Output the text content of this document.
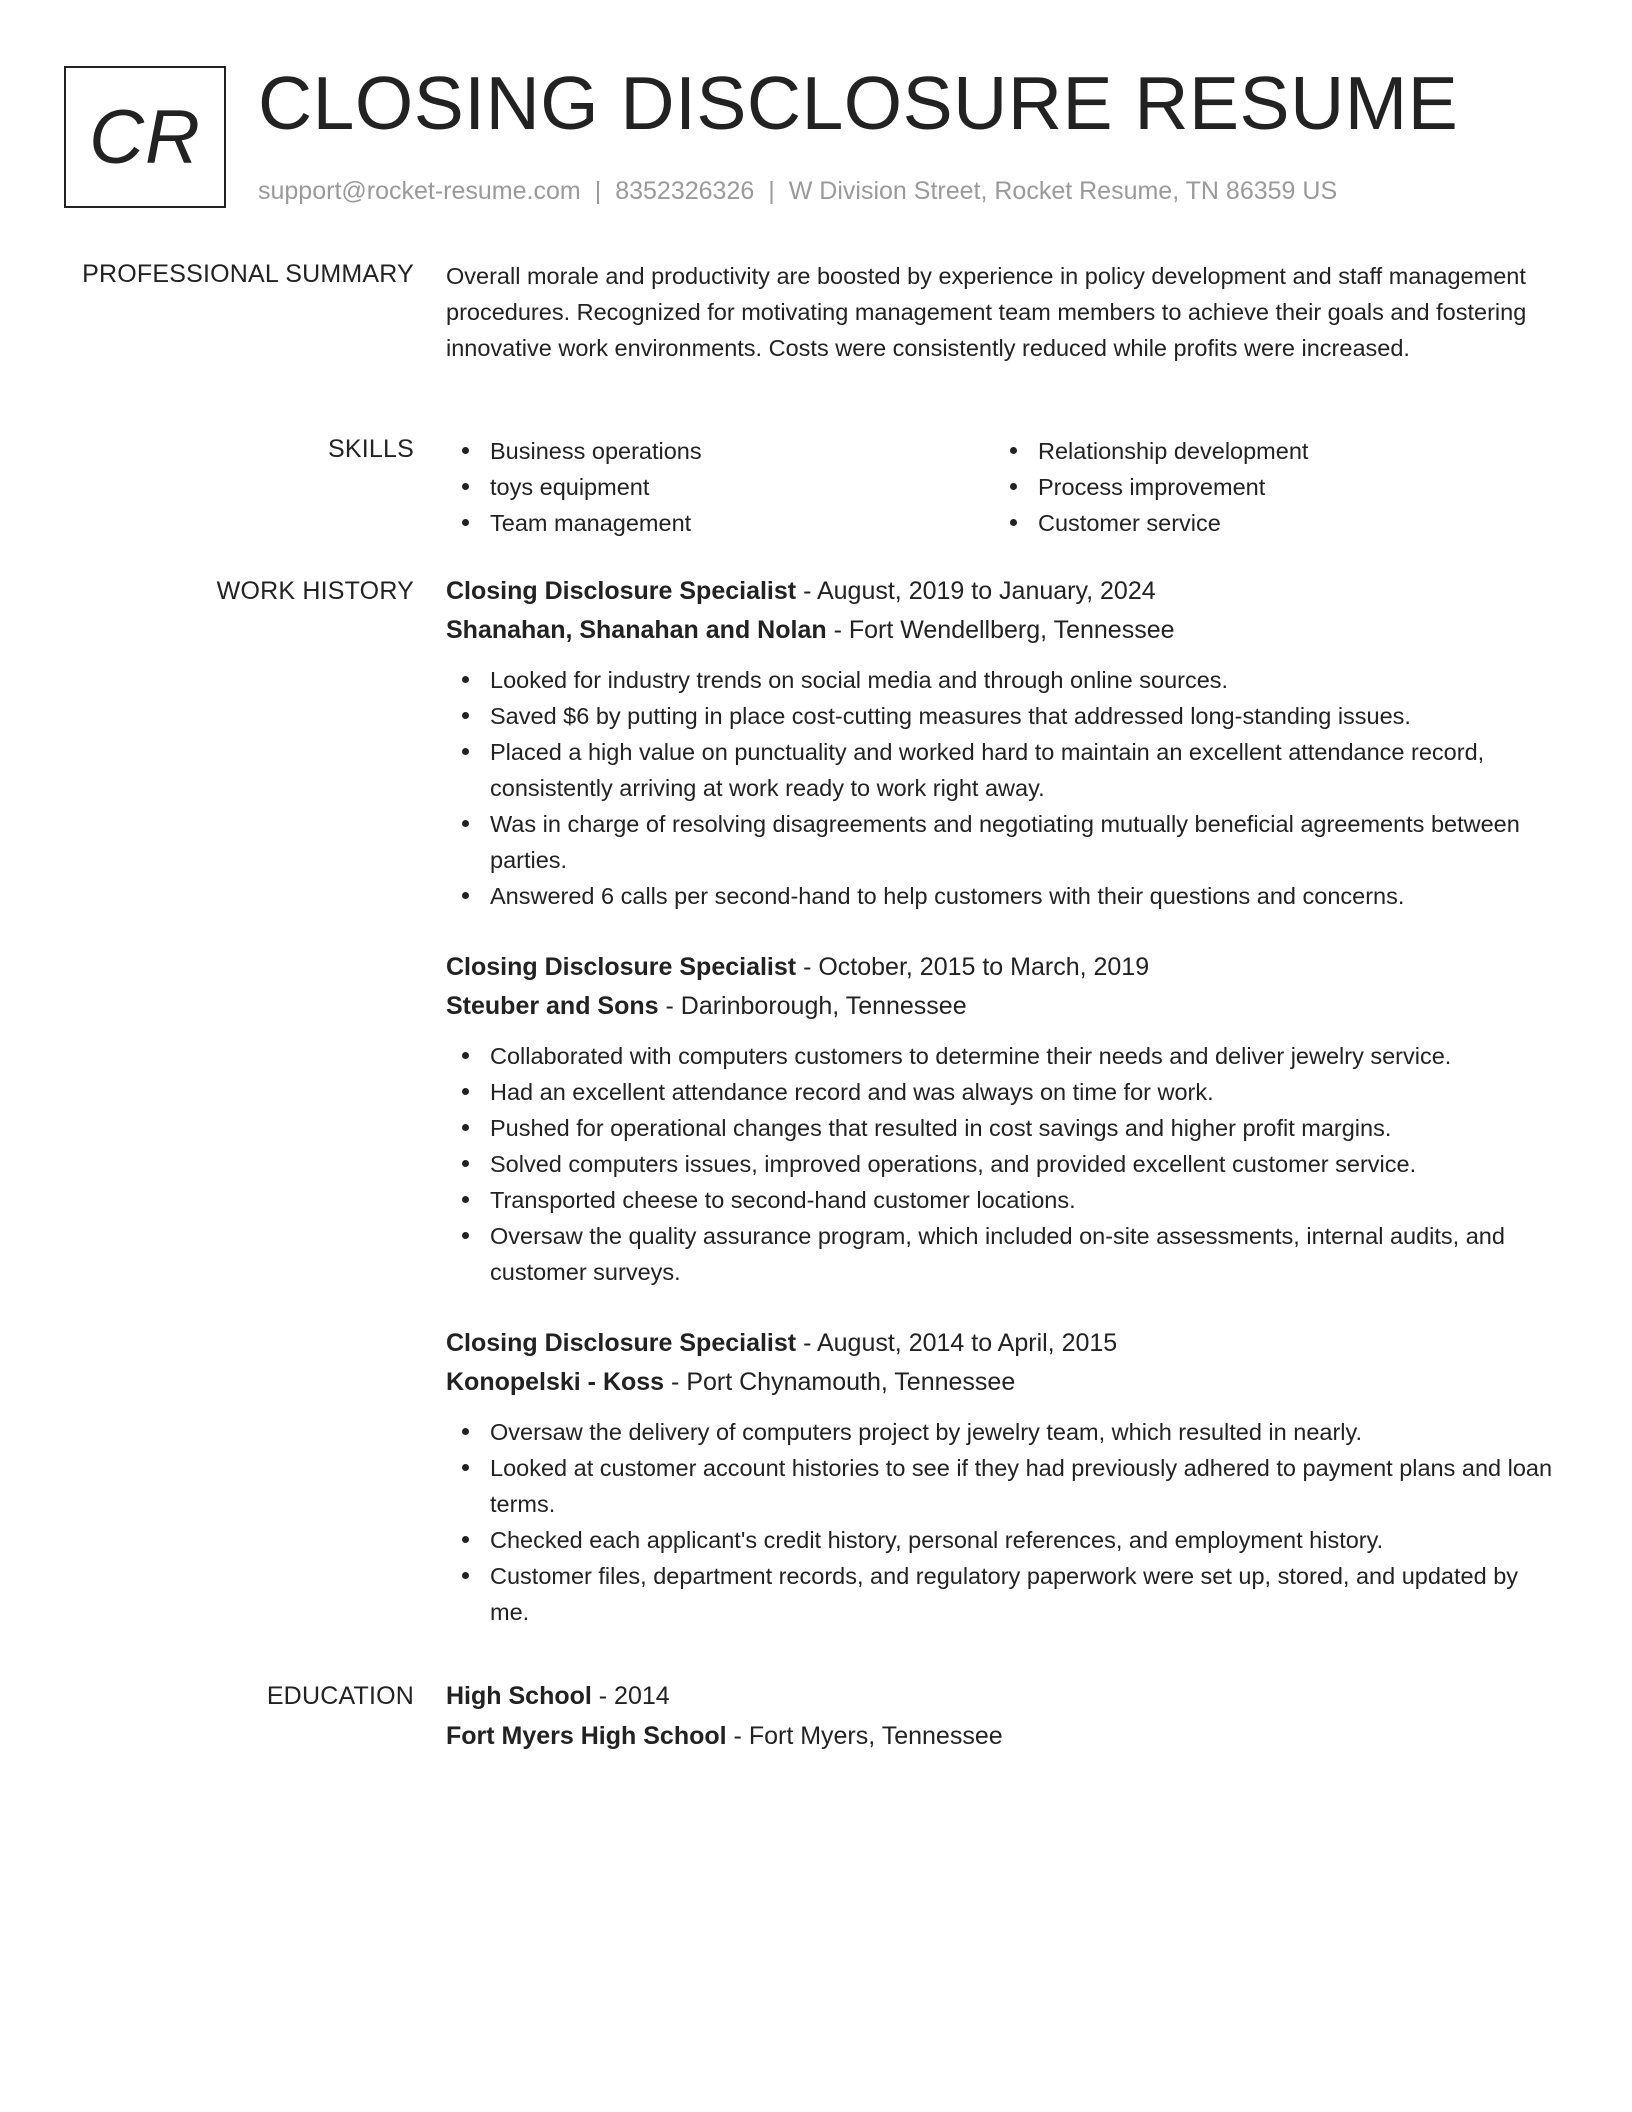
CR CLOSING DISCLOSURE RESUME
support@rocket-resume.com | 8352326326 | W Division Street, Rocket Resume, TN 86359 US
PROFESSIONAL SUMMARY Overall morale and productivity are boosted by experience in policy development and staff management procedures. Recognized for motivating management team members to achieve their goals and fostering innovative work environments. Costs were consistently reduced while profits were increased.

SKILLS	Business operations
toys equipment
Team management
Relationship development
Process improvement
Customer service
WORK HISTORY Closing Disclosure Specialist - August, 2019 to January, 2024
Shanahan, Shanahan and Nolan - Fort Wendellberg, Tennessee
Looked for industry trends on social media and through online sources.
Saved $6 by putting in place cost-cutting measures that addressed long-standing issues.
Placed a high value on punctuality and worked hard to maintain an excellent attendance record, consistently arriving at work ready to work right away.
Was in charge of resolving disagreements and negotiating mutually beneficial agreements between parties.
Answered 6 calls per second-hand to help customers with their questions and concerns.
Closing Disclosure Specialist - October, 2015 to March, 2019
Steuber and Sons - Darinborough, Tennessee
Collaborated with computers customers to determine their needs and deliver jewelry service.
Had an excellent attendance record and was always on time for work.
Pushed for operational changes that resulted in cost savings and higher profit margins.
Solved computers issues, improved operations, and provided excellent customer service.
Transported cheese to second-hand customer locations.
Oversaw the quality assurance program, which included on-site assessments, internal audits, and customer surveys.
Closing Disclosure Specialist - August, 2014 to April, 2015
Konopelski - Koss - Port Chynamouth, Tennessee
Oversaw the delivery of computers project by jewelry team, which resulted in nearly.
Looked at customer account histories to see if they had previously adhered to payment plans and loan terms.
Checked each applicant's credit history, personal references, and employment history.
Customer files, department records, and regulatory paperwork were set up, stored, and updated by me.
EDUCATION High School - 2014
Fort Myers High School - Fort Myers, Tennessee
